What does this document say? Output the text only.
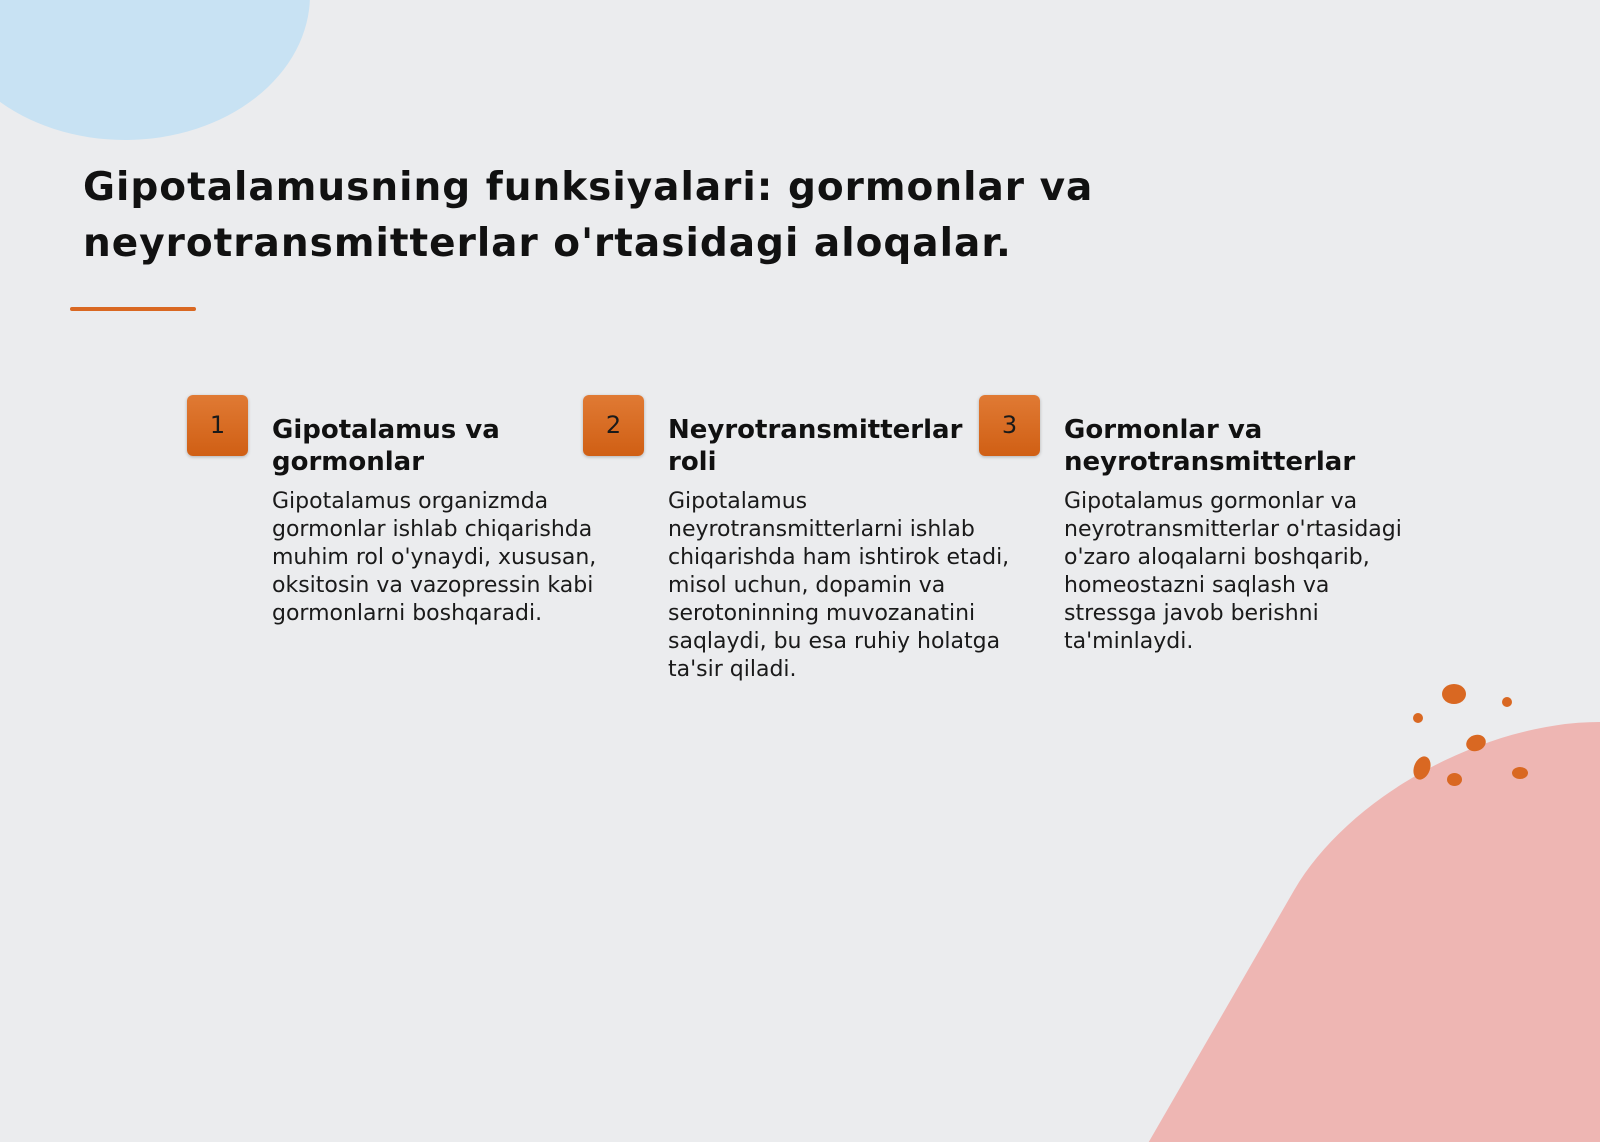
Gipotalamusning funksiyalari: gormonlar va neyrotransmitterlar o'rtasidagi aloqalar.
1	Gipotalamus va gormonlar
Gipotalamus organizmda gormonlar ishlab chiqarishda muhim rol o'ynaydi, xususan, oksitosin va vazopressin kabi gormonlarni boshqaradi.
2	Neyrotransmitterlar roli
Gipotalamus neyrotransmitterlarni ishlab chiqarishda ham ishtirok etadi, misol uchun, dopamin va serotoninning muvozanatini saqlaydi, bu esa ruhiy holatga ta'sir qiladi.
3	Gormonlar va neyrotransmitterlar
Gipotalamus gormonlar va neyrotransmitterlar o'rtasidagi o'zaro aloqalarni boshqarib, homeostazni saqlash va stressga javob berishni ta'minlaydi.
